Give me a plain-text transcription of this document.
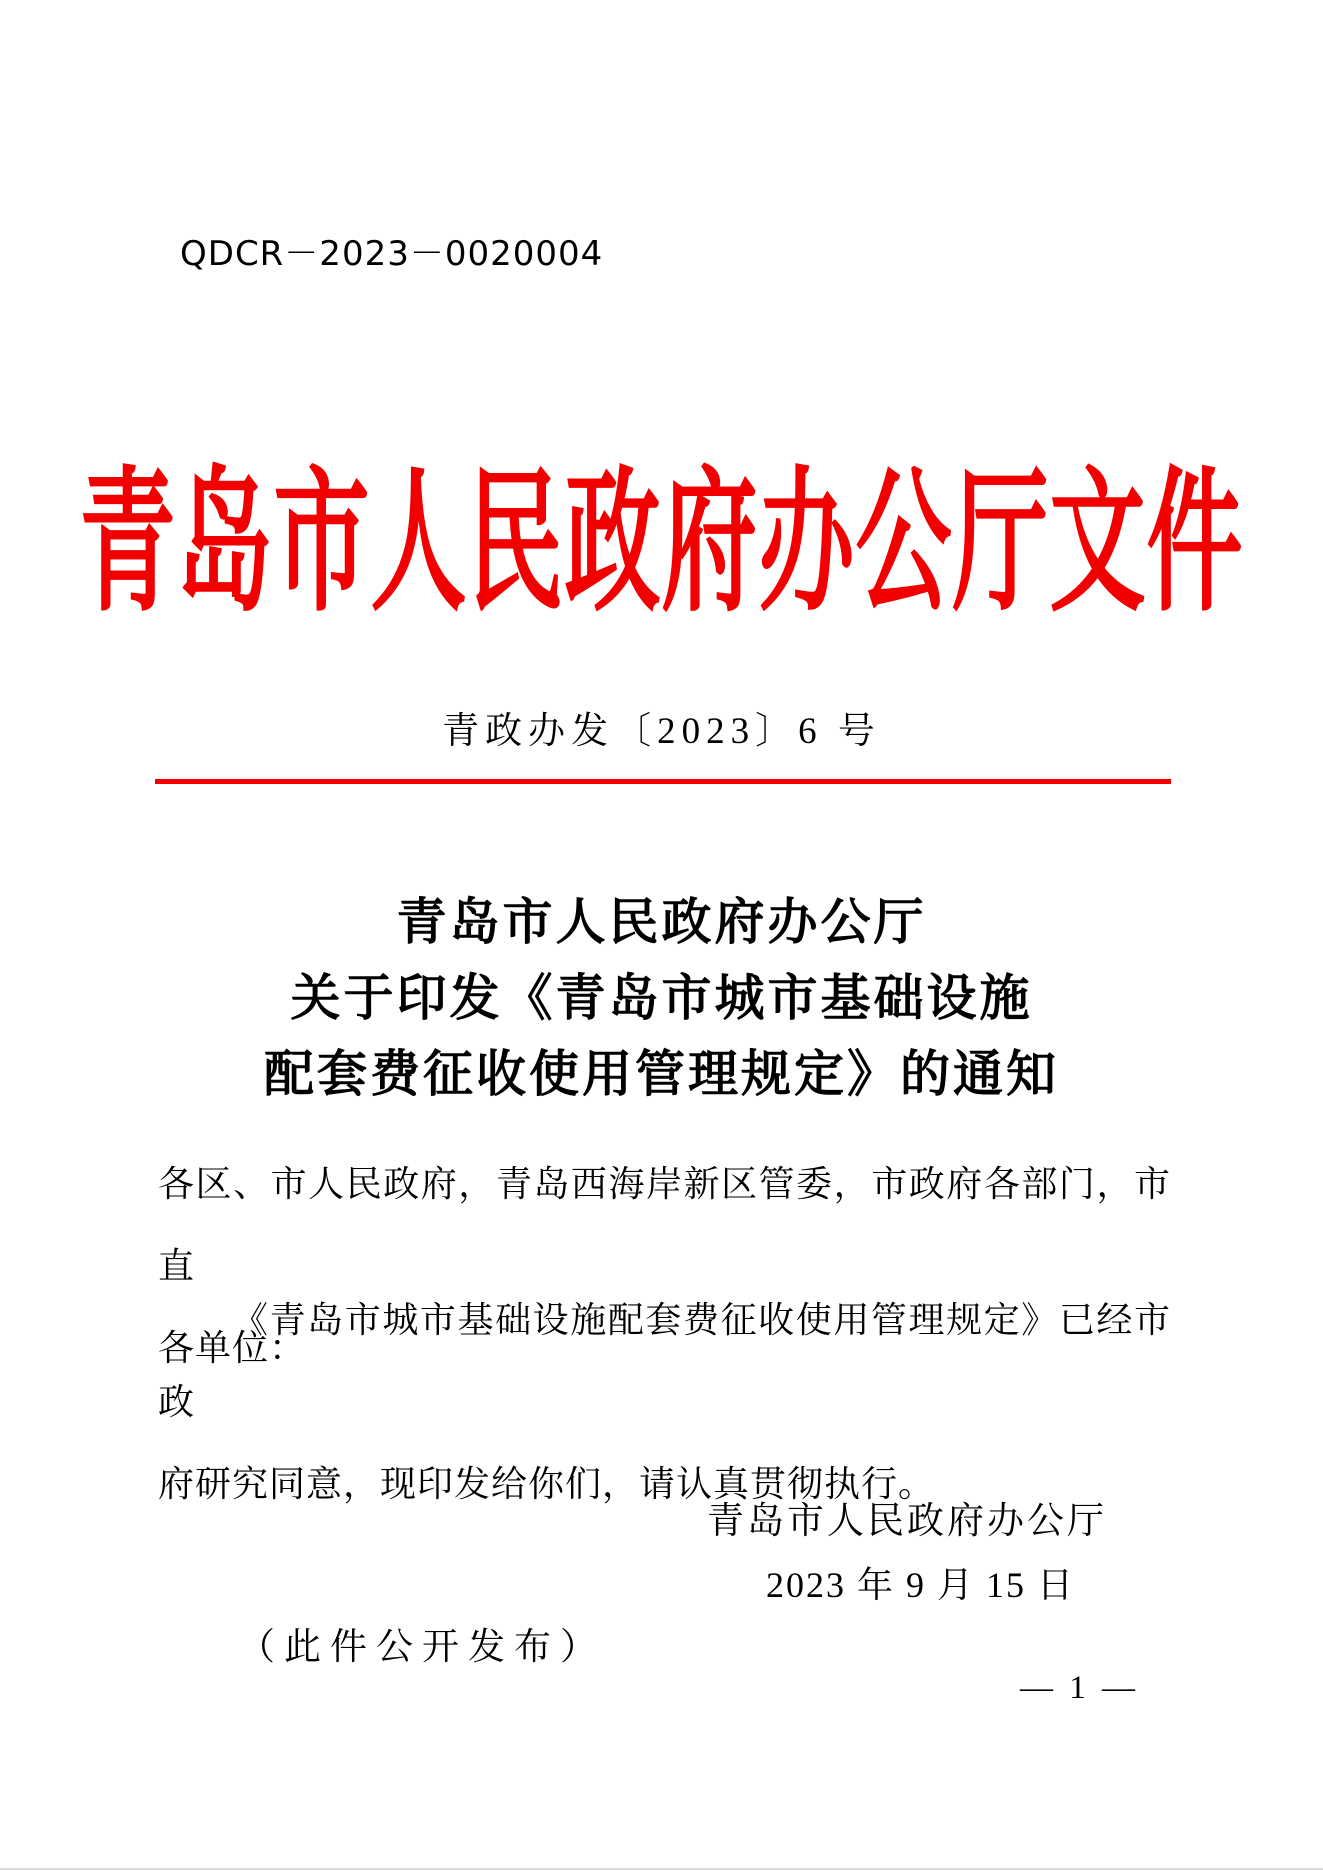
QDCR－2023－0020004
青岛市人民政府办公厅文件
青政办发〔2023〕6 号
青岛市人民政府办公厅
关于印发《青岛市城市基础设施
配套费征收使用管理规定》的通知
各区、市人民政府，青岛西海岸新区管委，市政府各部门，市直
各单位：
《青岛市城市基础设施配套费征收使用管理规定》已经市政
府研究同意，现印发给你们，请认真贯彻执行。
青岛市人民政府办公厅
2023 年 9 月 15 日
（此件公开发布）
— 1 —
